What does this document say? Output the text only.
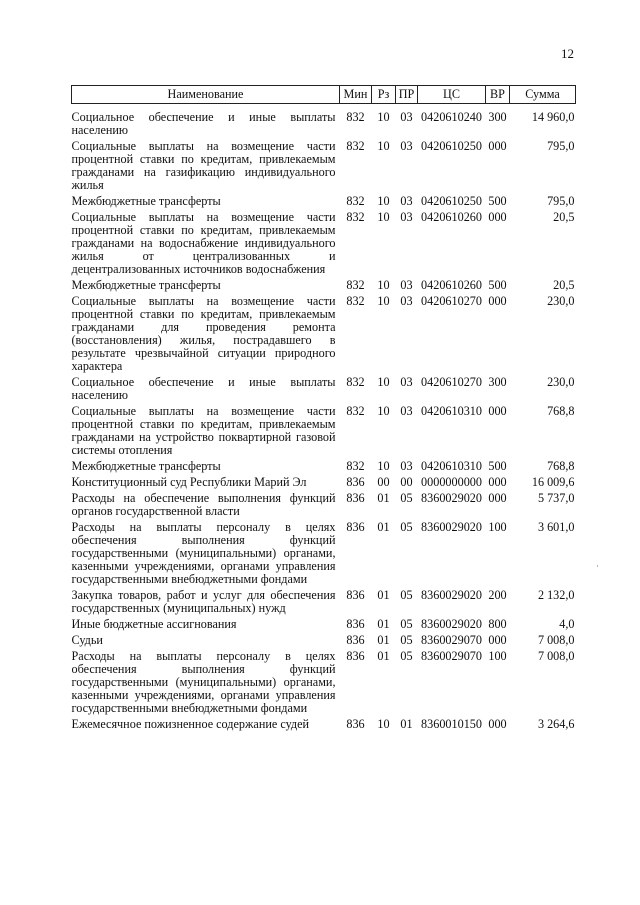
12
Наименование	Мин	Рз	ПР	ЦС	ВР	Сумма
Социальное обеспечение и иные выплаты населению	832	10	03	0420610240	300	14 960,0
Социальные выплаты на возмещение части процентной ставки по кредитам, привлекаемым гражданами на газификацию индивидуального жилья	832	10	03	0420610250	000	795,0
Межбюджетные трансферты	832	10	03	0420610250	500	795,0
Социальные выплаты на возмещение части процентной ставки по кредитам, привлекаемым гражданами на водоснабжение индивидуального жилья от централизованных и децентрализованных источников водоснабжения	832	10	03	0420610260	000	20,5
Межбюджетные трансферты	832	10	03	0420610260	500	20,5
Социальные выплаты на возмещение части процентной ставки по кредитам, привлекаемым гражданами для проведения ремонта (восстановления) жилья, пострадавшего в результате чрезвычайной ситуации природного характера	832	10	03	0420610270	000	230,0
Социальное обеспечение и иные выплаты населению	832	10	03	0420610270	300	230,0
Социальные выплаты на возмещение части процентной ставки по кредитам, привлекаемым гражданами на устройство поквартирной газовой системы отопления	832	10	03	0420610310	000	768,8
Межбюджетные трансферты	832	10	03	0420610310	500	768,8
Конституционный суд Республики Марий Эл	836	00	00	0000000000	000	16 009,6
Расходы на обеспечение выполнения функций органов государственной власти	836	01	05	8360029020	000	5 737,0
Расходы на выплаты персоналу в целях обеспечения выполнения функций государственными (муниципальными) органами, казенными учреждениями, органами управления государственными внебюджетными фондами	836	01	05	8360029020	100	3 601,0
Закупка товаров, работ и услуг для обеспечения государственных (муниципальных) нужд	836	01	05	8360029020	200	2 132,0
Иные бюджетные ассигнования	836	01	05	8360029020	800	4,0
Судьи	836	01	05	8360029070	000	7 008,0
Расходы на выплаты персоналу в целях обеспечения выполнения функций государственными (муниципальными) органами, казенными учреждениями, органами управления государственными внебюджетными фондами	836	01	05	8360029070	100	7 008,0
Ежемесячное пожизненное содержание судей	836	10	01	8360010150	000	3 264,6
·
